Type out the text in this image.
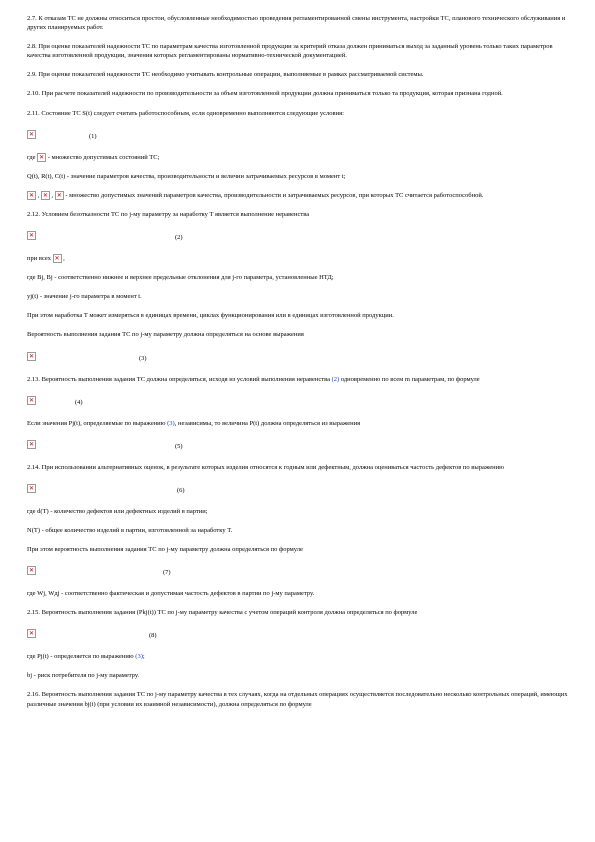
2.7. К отказам ТС не должны относиться простои, обусловленные необходимостью проведения регламентированной смены инструмента, настройки ТС, планового технического обслуживания и других планируемых работ.

2.8. При оценке показателей надежности ТС по параметрам качества изготовленной продукции за критерий отказа должен приниматься выход за заданный уровень только таких параметров качества изготовленной продукции, значения которых регламентированы нормативно-технической документацией.

2.9. При оценке показателей надежности ТС необходимо учитывать контрольные операции, выполняемые в рамках рассматриваемой системы.

2.10. При расчете показателей надежности по производительности за объем изготовленной продукции должна приниматься только та продукция, которая признана годной.

2.11. Состояние ТС S(t) следует считать работоспособным, если одновременно выполняются следующие условия:

✕
(1)

где ✕ - множество допустимых состояний ТС;

Q(t), R(t), C(t) - значение параметров качества, производительности и величин затрачиваемых ресурсов в момент t;

✕ , ✕ , ✕ - множество допустимых значений параметров качества, производительности и затрачиваемых ресурсов, при которых ТС считается работоспособной.

2.12. Условием безотказности ТС по j-му параметру за наработку T является выполнение неравенства

✕
(2)

при всех ✕ ,

где Bj, Bj - соответственно нижнее и верхнее предельные отклонения для j-го параметра, установленные НТД;

yj(t) - значение j-го параметра в момент t.

При этом наработка T может измеряться в единицах времени, циклах функционирования или в единицах изготовленной продукции.

Вероятность выполнения задания ТС по j-му параметру должна определяться на основе выражения

✕
(3)

2.13. Вероятность выполнения задания ТС должна определяться, исходя из условий выполнения неравенства (2) одновременно по всем m параметрам, по формуле

✕
(4)

Если значения Pj(t), определяемые по выражению (3), независимы, то величина P(t) должна определяться из выражения

✕
(5)

2.14. При использовании альтернативных оценок, в результате которых изделия относятся к годным или дефектным, должна оцениваться частость дефектов по выражению

✕
(6)

где d(T) - количество дефектов или дефектных изделий в партии;

N(T) - общее количество изделий в партии, изготовленной за наработку T.

При этом вероятность выполнения задания ТС по j-му параметру должна определяться по формуле

✕
(7)

где Wj, Wдj - соответственно фактическая и допустимая частость дефектов в партии по j-му параметру.

2.15. Вероятность выполнения задания (Pkj(t)) ТС по j-му параметру качества с учетом операций контроля должна определяться по формуле

✕
(8)

где Pj(t) - определяется по выражению (3);

bj - риск потребителя по j-му параметру.

2.16. Вероятность выполнения задания ТС по j-му параметру качества в тех случаях, когда на отдельных операциях осуществляется последовательно несколько контрольных операций, имеющих различные значения bj(i) (при условии их взаимной независимости), должна определяться по формуле
